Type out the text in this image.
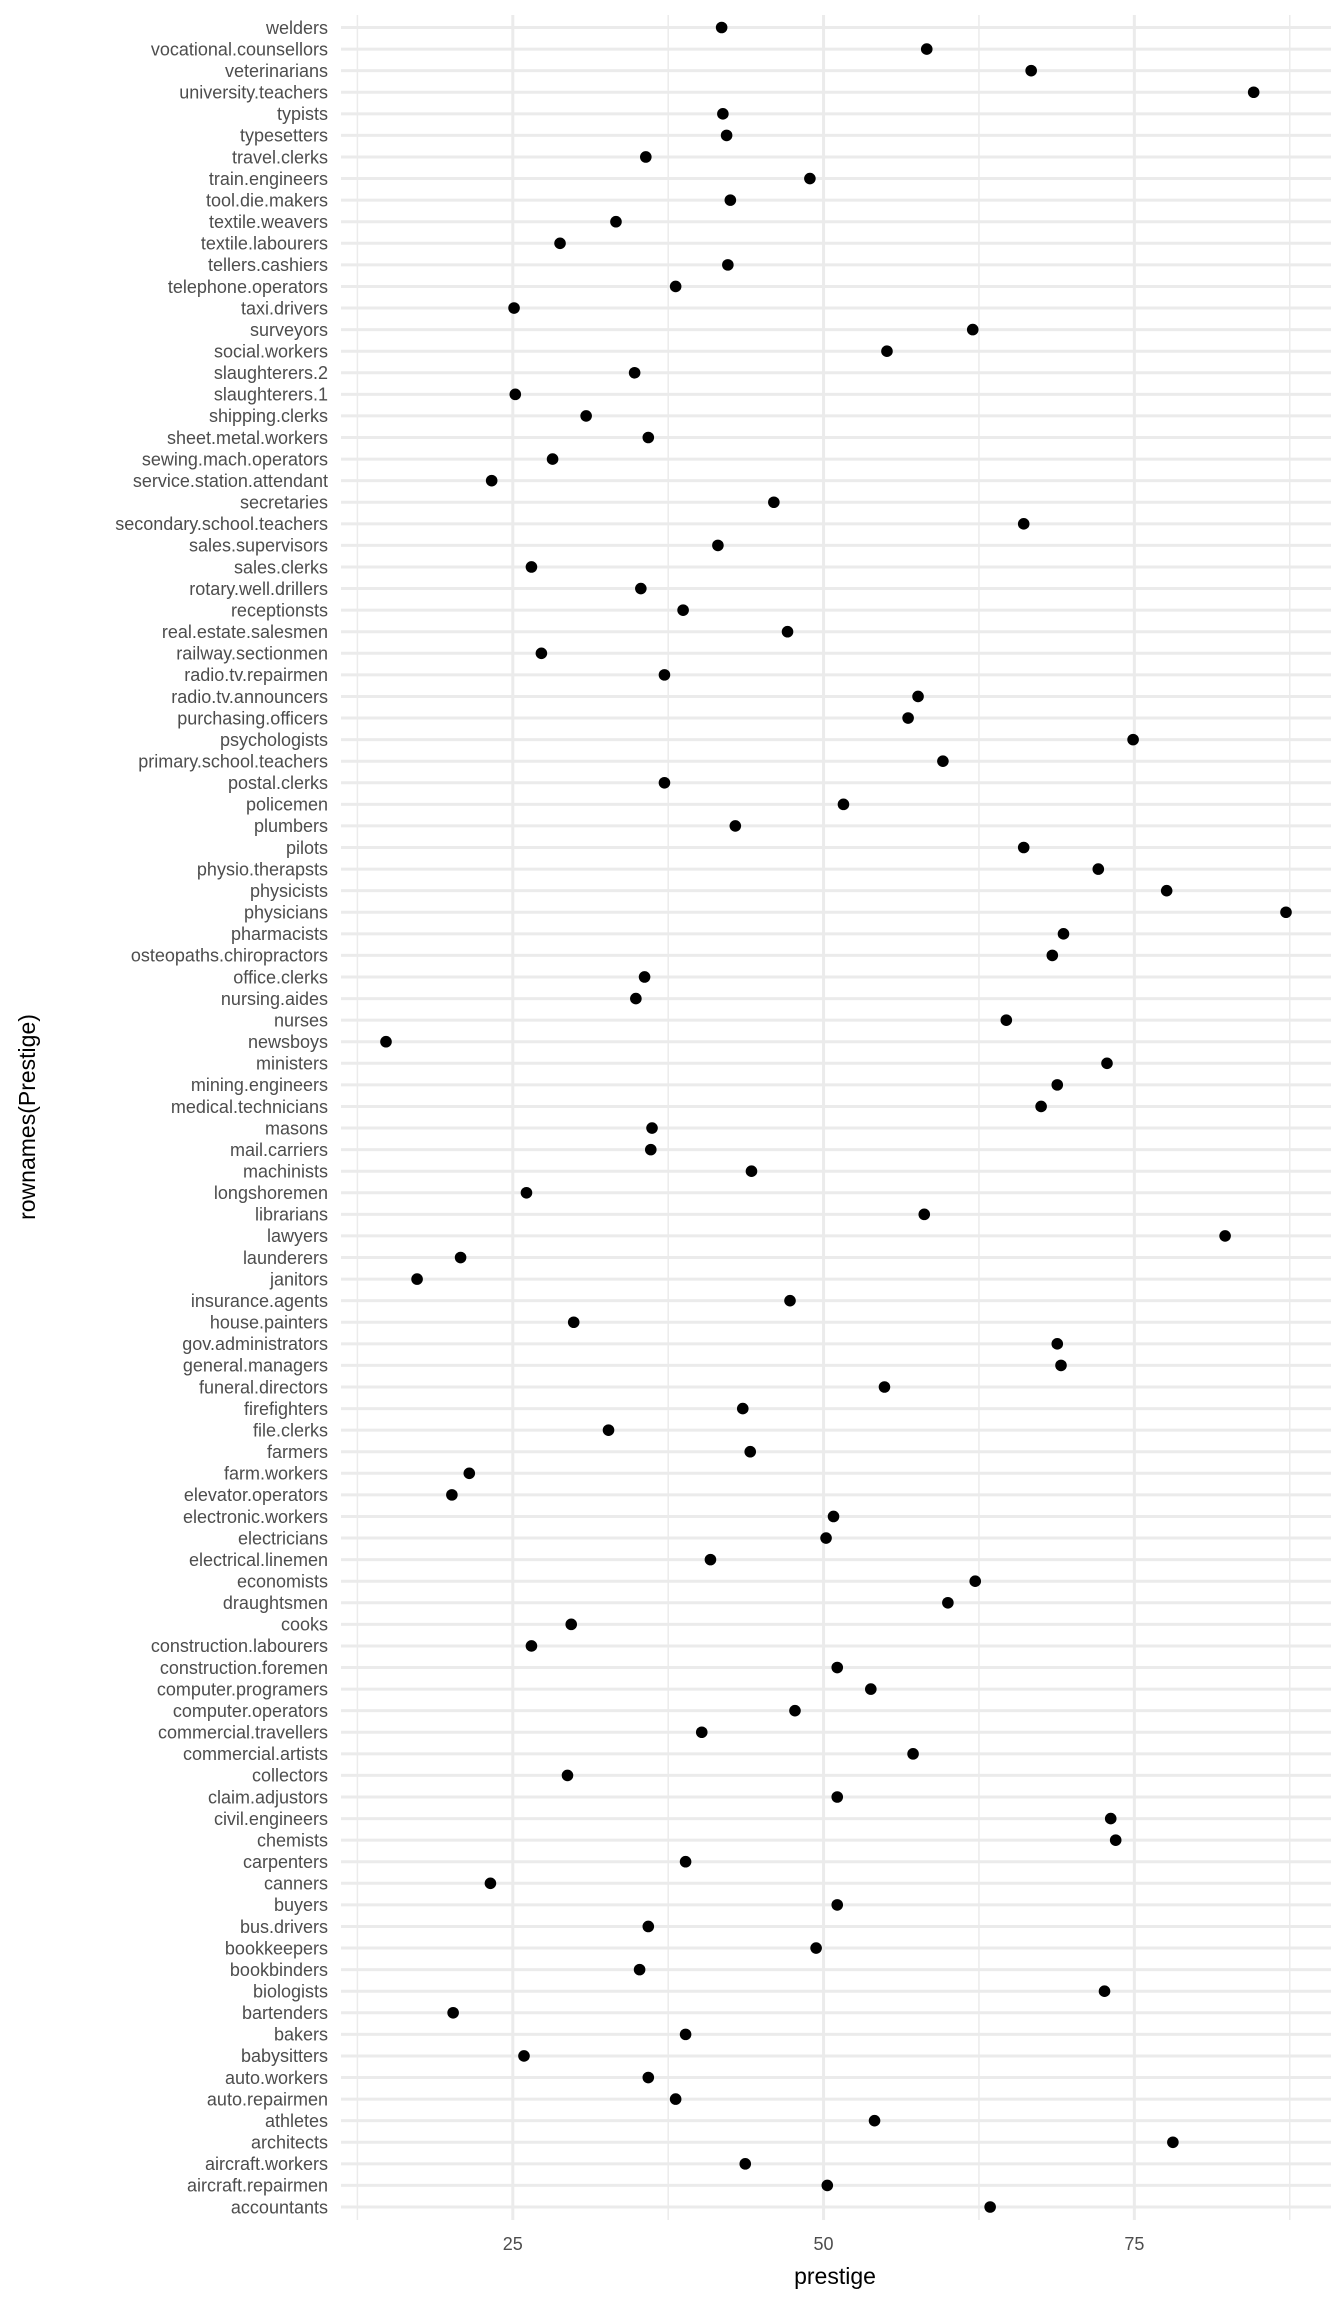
accountants
aircraft.repairmen
aircraft.workers
architects
athletes
auto.repairmen
auto.workers
babysitters
bakers
bartenders
biologists
bookbinders
bookkeepers
bus.drivers
buyers
canners
carpenters
chemists
civil.engineers
claim.adjustors
collectors
commercial.artists
commercial.travellers
computer.operators
computer.programers
construction.foremen
construction.labourers
cooks
draughtsmen
economists
electrical.linemen
electricians
electronic.workers
elevator.operators
farm.workers
farmers
file.clerks
firefighters
funeral.directors
general.managers
gov.administrators
house.painters
insurance.agents
janitors
launderers
lawyers
librarians
longshoremen
machinists
mail.carriers
masons
medical.technicians
mining.engineers
ministers
newsboys
nurses
nursing.aides
office.clerks
osteopaths.chiropractors
pharmacists
physicians
physicists
physio.therapsts
pilots
plumbers
policemen
postal.clerks
primary.school.teachers
psychologists
purchasing.officers
radio.tv.announcers
radio.tv.repairmen
railway.sectionmen
real.estate.salesmen
receptionsts
rotary.well.drillers
sales.clerks
sales.supervisors
secondary.school.teachers
secretaries
service.station.attendant
sewing.mach.operators
sheet.metal.workers
shipping.clerks
slaughterers.1
slaughterers.2
social.workers
surveyors
taxi.drivers
telephone.operators
tellers.cashiers
textile.labourers
textile.weavers
tool.die.makers
train.engineers
travel.clerks
typesetters
typists
university.teachers
veterinarians
vocational.counsellors
welders
25	50	75
prestige
rownames(Prestige)
